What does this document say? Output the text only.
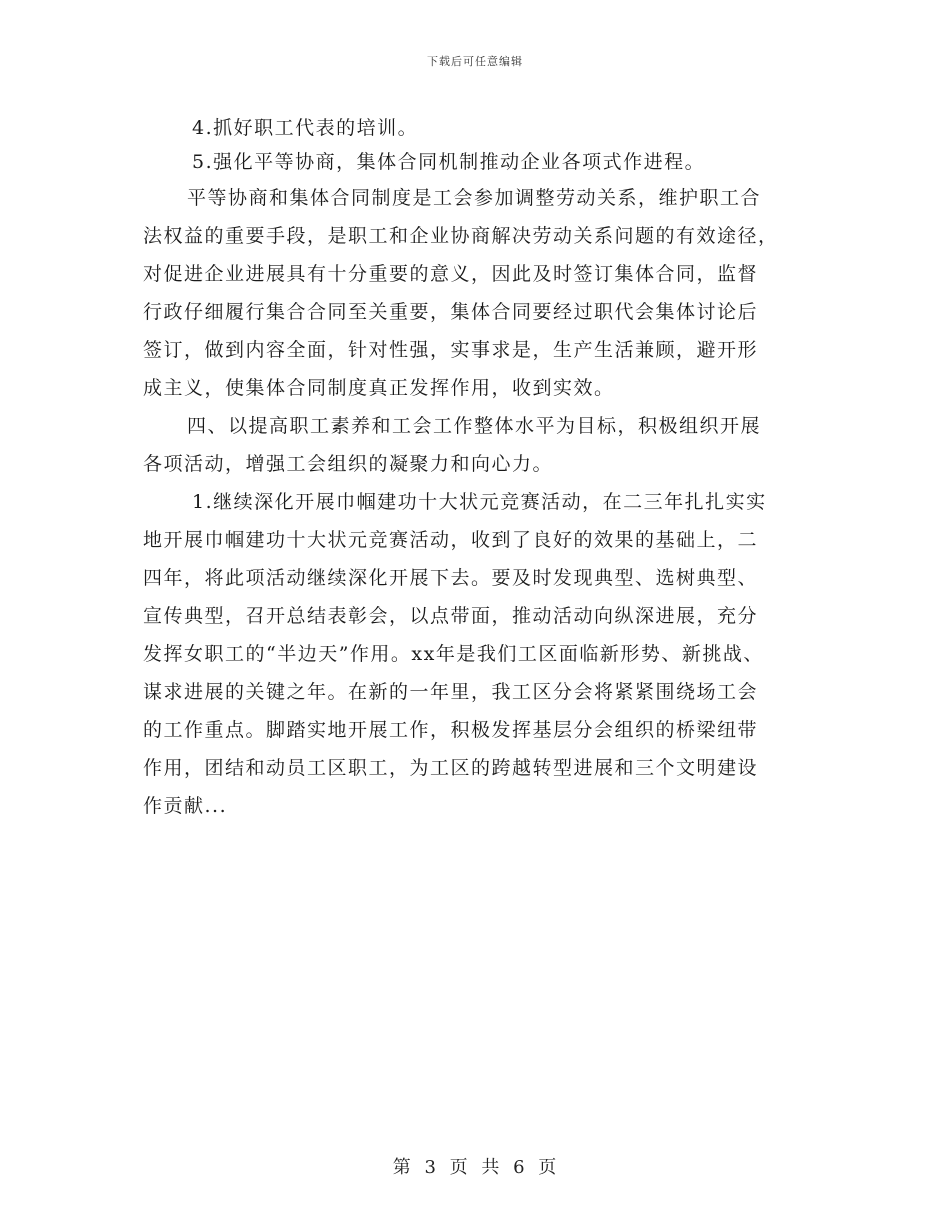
下载后可任意编辑
4.抓好职工代表的培训。
5.强化平等协商，集体合同机制推动企业各项式作进程。
平等协商和集体合同制度是工会参加调整劳动关系，维护职工合
法权益的重要手段，是职工和企业协商解决劳动关系问题的有效途径，
对促进企业进展具有十分重要的意义，因此及时签订集体合同，监督
行政仔细履行集合合同至关重要，集体合同要经过职代会集体讨论后
签订，做到内容全面，针对性强，实事求是，生产生活兼顾，避开形
成主义，使集体合同制度真正发挥作用，收到实效。
四、以提高职工素养和工会工作整体水平为目标，积极组织开展
各项活动，增强工会组织的凝聚力和向心力。
1.继续深化开展巾帼建功十大状元竞赛活动，在二三年扎扎实实
地开展巾帼建功十大状元竞赛活动，收到了良好的效果的基础上，二
四年，将此项活动继续深化开展下去。要及时发现典型、选树典型、
宣传典型，召开总结表彰会，以点带面，推动活动向纵深进展，充分
发挥女职工的“半边天”作用。xx年是我们工区面临新形势、新挑战、
谋求进展的关键之年。在新的一年里，我工区分会将紧紧围绕场工会
的工作重点。脚踏实地开展工作，积极发挥基层分会组织的桥梁纽带
作用，团结和动员工区职工，为工区的跨越转型进展和三个文明建设
作贡献...
第 3 页 共 6 页
